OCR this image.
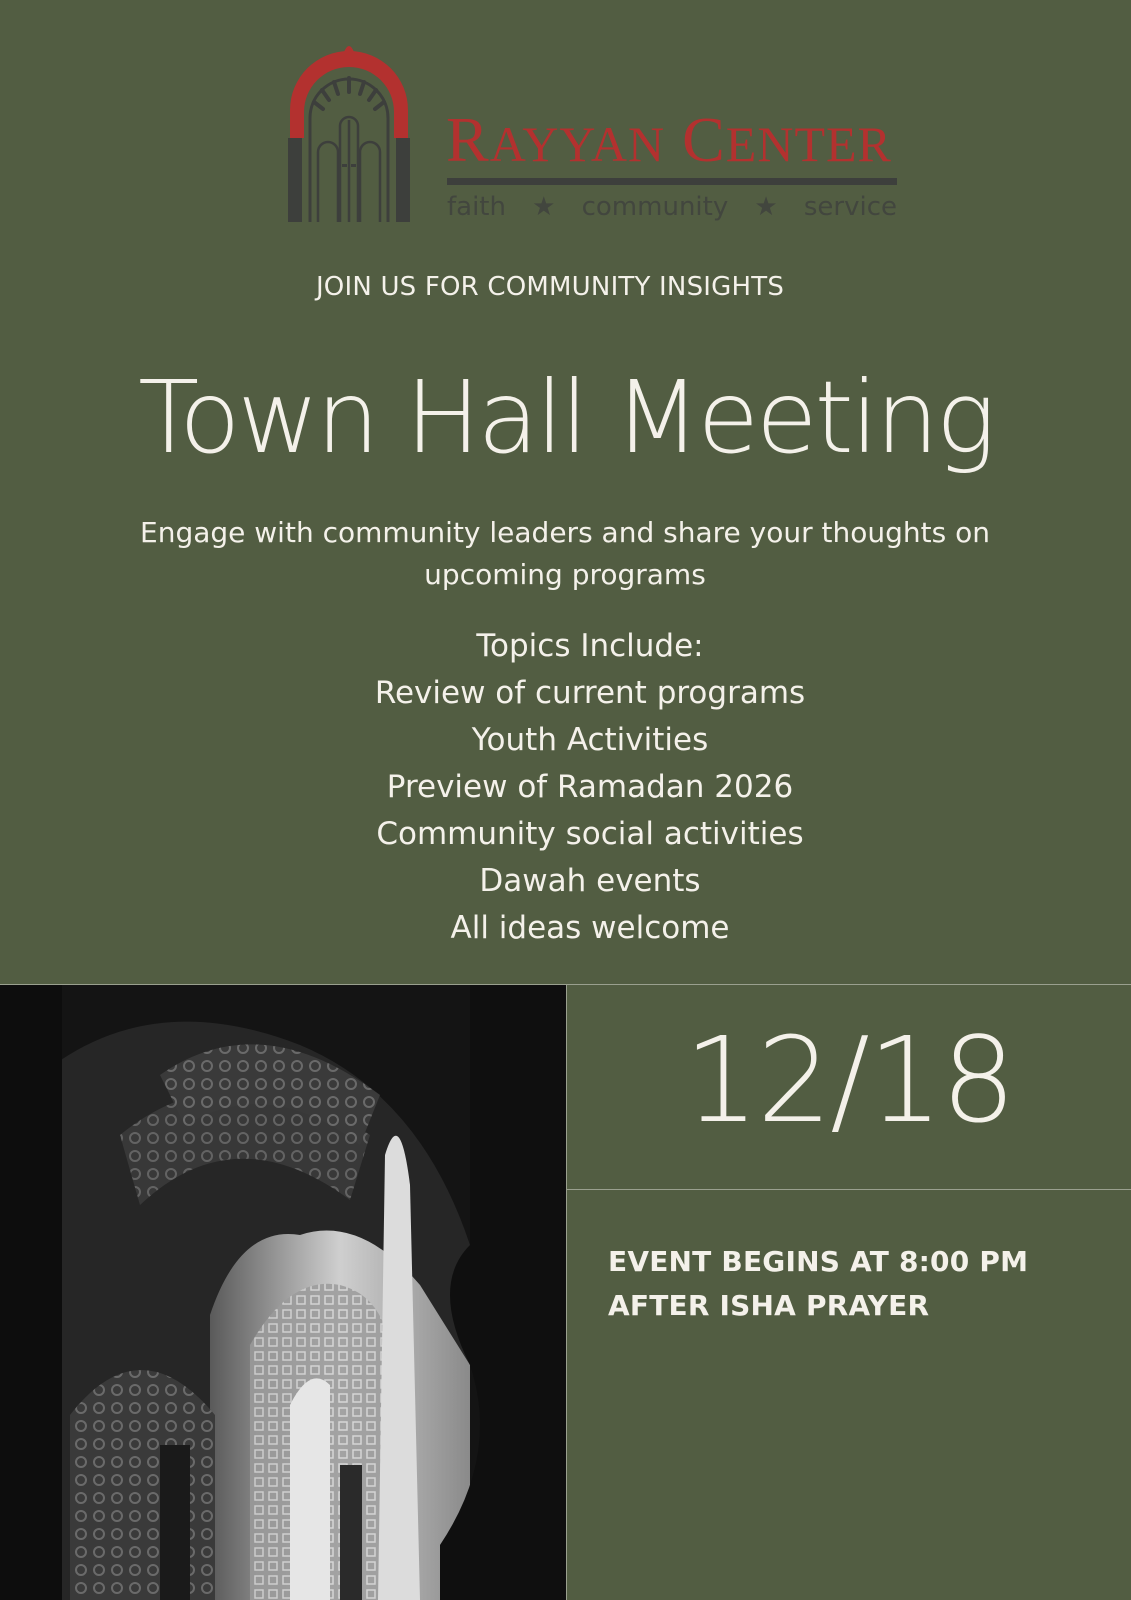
RAYYAN CENTER
faith ★ community ★ service
JOIN US FOR COMMUNITY INSIGHTS
Town Hall Meeting
Engage with community leaders and share your thoughts on upcoming programs
Topics Include:
Review of current programs
Youth Activities
Preview of Ramadan 2026
Community social activities
Dawah events
All ideas welcome
12/18
EVENT BEGINS AT 8:00 PM AFTER ISHA PRAYER
